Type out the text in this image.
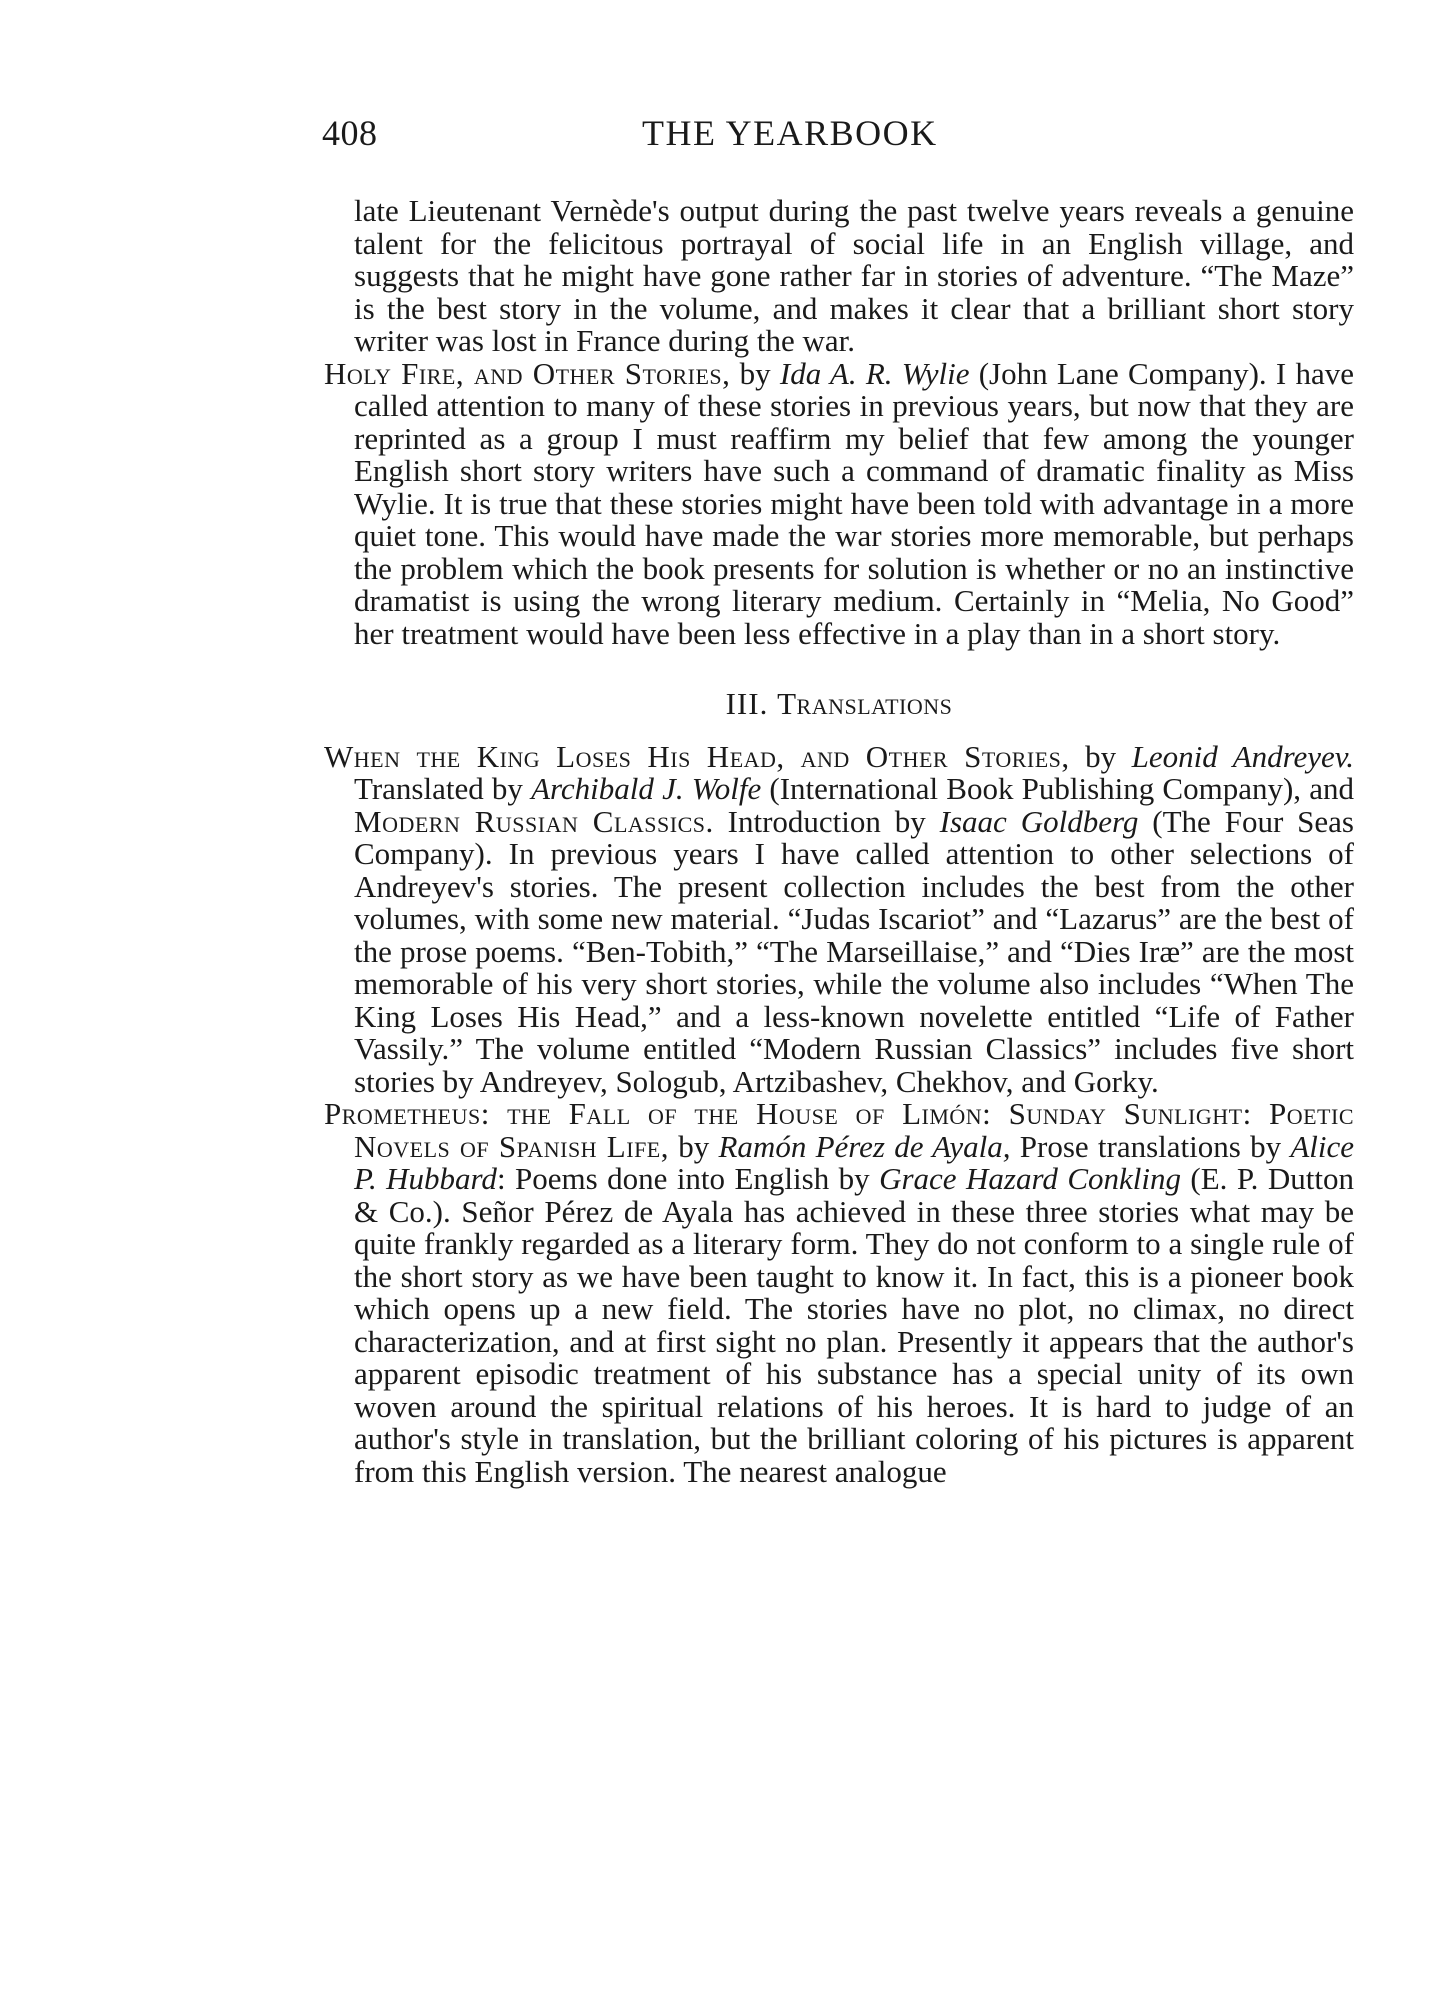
408	THE YEARBOOK

late Lieutenant Vernède's output during the past twelve years reveals a genuine talent for the felicitous portrayal of social life in an English village, and suggests that he might have gone rather far in stories of adventure. “The Maze” is the best story in the volume, and makes it clear that a brilliant short story writer was lost in France during the war.

Holy Fire, and Other Stories, by Ida A. R. Wylie (John Lane Company). I have called attention to many of these stories in previous years, but now that they are reprinted as a group I must reaffirm my belief that few among the younger English short story writers have such a command of dramatic finality as Miss Wylie. It is true that these stories might have been told with advantage in a more quiet tone. This would have made the war stories more memorable, but perhaps the problem which the book presents for solution is whether or no an instinctive dramatist is using the wrong literary medium. Certainly in “Melia, No Good” her treatment would have been less effective in a play than in a short story.

III. Translations

When the King Loses His Head, and Other Stories, by Leonid Andreyev. Translated by Archibald J. Wolfe (International Book Publishing Company), and Modern Russian Classics. Introduction by Isaac Goldberg (The Four Seas Company). In previous years I have called attention to other selections of Andreyev's stories. The present collection includes the best from the other volumes, with some new material. “Judas Iscariot” and “Lazarus” are the best of the prose poems. “Ben-Tobith,” “The Marseillaise,” and “Dies Iræ” are the most memorable of his very short stories, while the volume also includes “When The King Loses His Head,” and a less-known novelette entitled “Life of Father Vassily.” The volume entitled “Modern Russian Classics” includes five short stories by Andreyev, Sologub, Artzibashev, Chekhov, and Gorky.

Prometheus: the Fall of the House of Limón: Sunday Sunlight: Poetic Novels of Spanish Life, by Ramón Pérez de Ayala, Prose translations by Alice P. Hubbard: Poems done into English by Grace Hazard Conkling (E. P. Dutton & Co.). Señor Pérez de Ayala has achieved in these three stories what may be quite frankly regarded as a literary form. They do not conform to a single rule of the short story as we have been taught to know it. In fact, this is a pioneer book which opens up a new field. The stories have no plot, no climax, no direct characterization, and at first sight no plan. Presently it appears that the author's apparent episodic treatment of his substance has a special unity of its own woven around the spiritual relations of his heroes. It is hard to judge of an author's style in translation, but the brilliant coloring of his pictures is apparent from this English version. The nearest analogue
